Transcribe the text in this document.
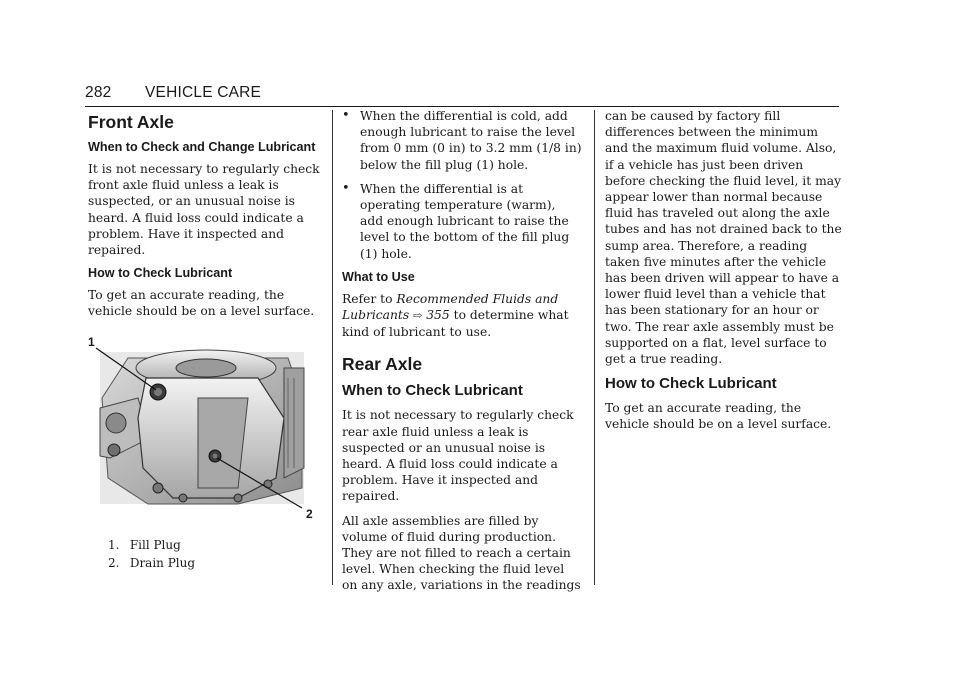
282 VEHICLE CARE
Front Axle
When to Check and Change Lubricant

It is not necessary to regularly check front axle fluid unless a leak is suspected, or an unusual noise is heard. A fluid loss could indicate a problem. Have it inspected and repaired.

How to Check Lubricant

To get an accurate reading, the vehicle should be on a level surface.

1
2
1. Fill Plug
2. Drain Plug
• When the differential is cold, add enough lubricant to raise the level from 0 mm (0 in) to 3.2 mm (1/8 in) below the fill plug (1) hole.
• When the differential is at operating temperature (warm), add enough lubricant to raise the level to the bottom of the fill plug (1) hole.
What to Use

Refer to Recommended Fluids and Lubricants ⇨ 355 to determine what kind of lubricant to use.

Rear Axle
When to Check Lubricant

It is not necessary to regularly check rear axle fluid unless a leak is suspected or an unusual noise is heard. A fluid loss could indicate a problem. Have it inspected and repaired.

All axle assemblies are filled by volume of fluid during production. They are not filled to reach a certain level. When checking the fluid level on any axle, variations in the readings

can be caused by factory fill differences between the minimum and the maximum fluid volume. Also, if a vehicle has just been driven before checking the fluid level, it may appear lower than normal because fluid has traveled out along the axle tubes and has not drained back to the sump area. Therefore, a reading taken five minutes after the vehicle has been driven will appear to have a lower fluid level than a vehicle that has been stationary for an hour or two. The rear axle assembly must be supported on a flat, level surface to get a true reading.

How to Check Lubricant

To get an accurate reading, the vehicle should be on a level surface.
